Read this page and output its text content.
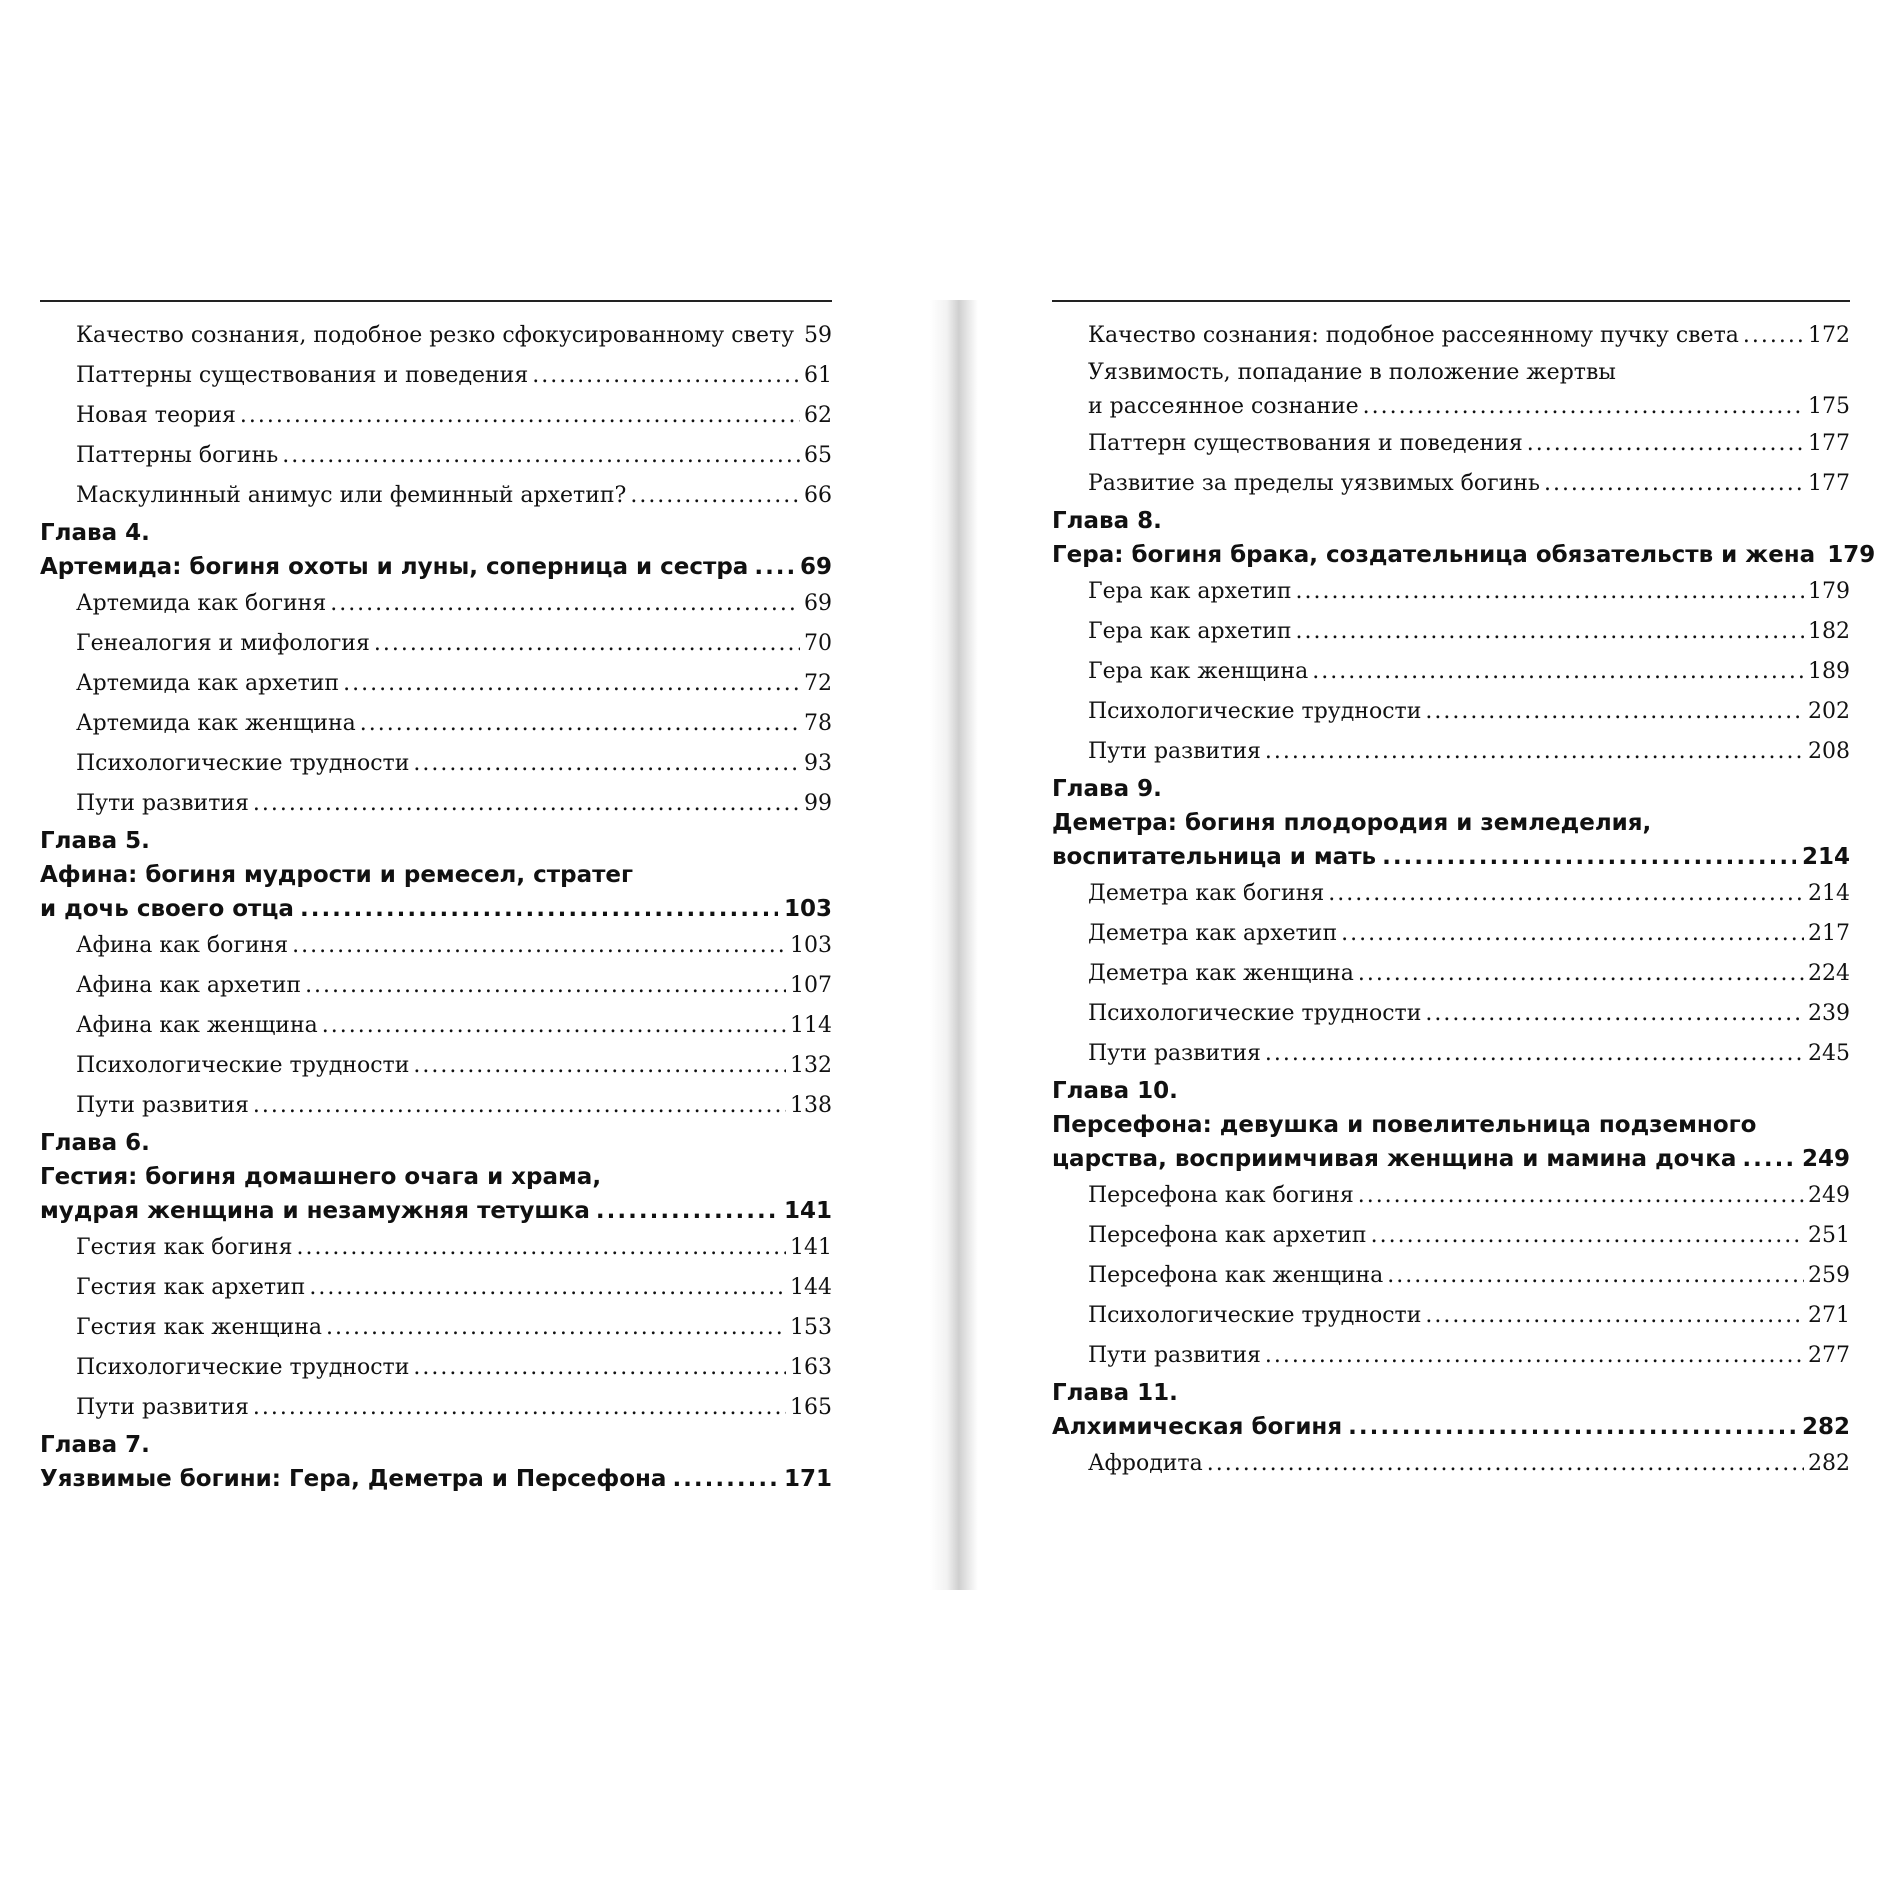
Качество сознания, подобное резко сфокусированному свету ..... 59
Паттерны существования и поведения .....	61
Новая теория .....	62
Паттерны богинь .....	65
Маскулинный анимус или феминный архетип? .....	66
Глава 4.
Артемида: богиня охоты и луны, соперница и сестра ..... 69
Артемида как богиня .....	69
Генеалогия и мифология .....	70
Артемида как архетип .....	72
Артемида как женщина .....	78
Психологические трудности .....	93
Пути развития .....	99
Глава 5.
Афина: богиня мудрости и ремесел, стратег
и дочь своего отца .....	103
Афина как богиня .....	103
Афина как архетип .....	107
Афина как женщина .....	114
Психологические трудности .....	132
Пути развития .....	138
Глава 6.
Гестия: богиня домашнего очага и храма,
мудрая женщина и незамужняя тетушка .....	141
Гестия как богиня .....	141
Гестия как архетип .....	144
Гестия как женщина .....	153
Психологические трудности .....	163
Пути развития .....	165
Глава 7.
Уязвимые богини: Гера, Деметра и Персефона .....	171
Качество сознания: подобное рассеянному пучку света .....	172
Уязвимость, попадание в положение жертвы
и рассеянное сознание .....	175
Паттерн существования и поведения .....	177
Развитие за пределы уязвимых богинь .....	177
Глава 8.
Гера: богиня брака, создательница обязательств и жена 179
Гера как архетип .....	179
Гера как архетип .....	182
Гера как женщина .....	189
Психологические трудности .....	202
Пути развития .....	208
Глава 9.
Деметра: богиня плодородия и земледелия,
воспитательница и мать .....	214
Деметра как богиня .....	214
Деметра как архетип .....	217
Деметра как женщина .....	224
Психологические трудности .....	239
Пути развития .....	245
Глава 10.
Персефона: девушка и повелительница подземного
царства, восприимчивая женщина и мамина дочка .....	249
Персефона как богиня .....	249
Персефона как архетип .....	251
Персефона как женщина .....	259
Психологические трудности .....	271
Пути развития .....	277
Глава 11.
Алхимическая богиня .....	282
Афродита .....	282
